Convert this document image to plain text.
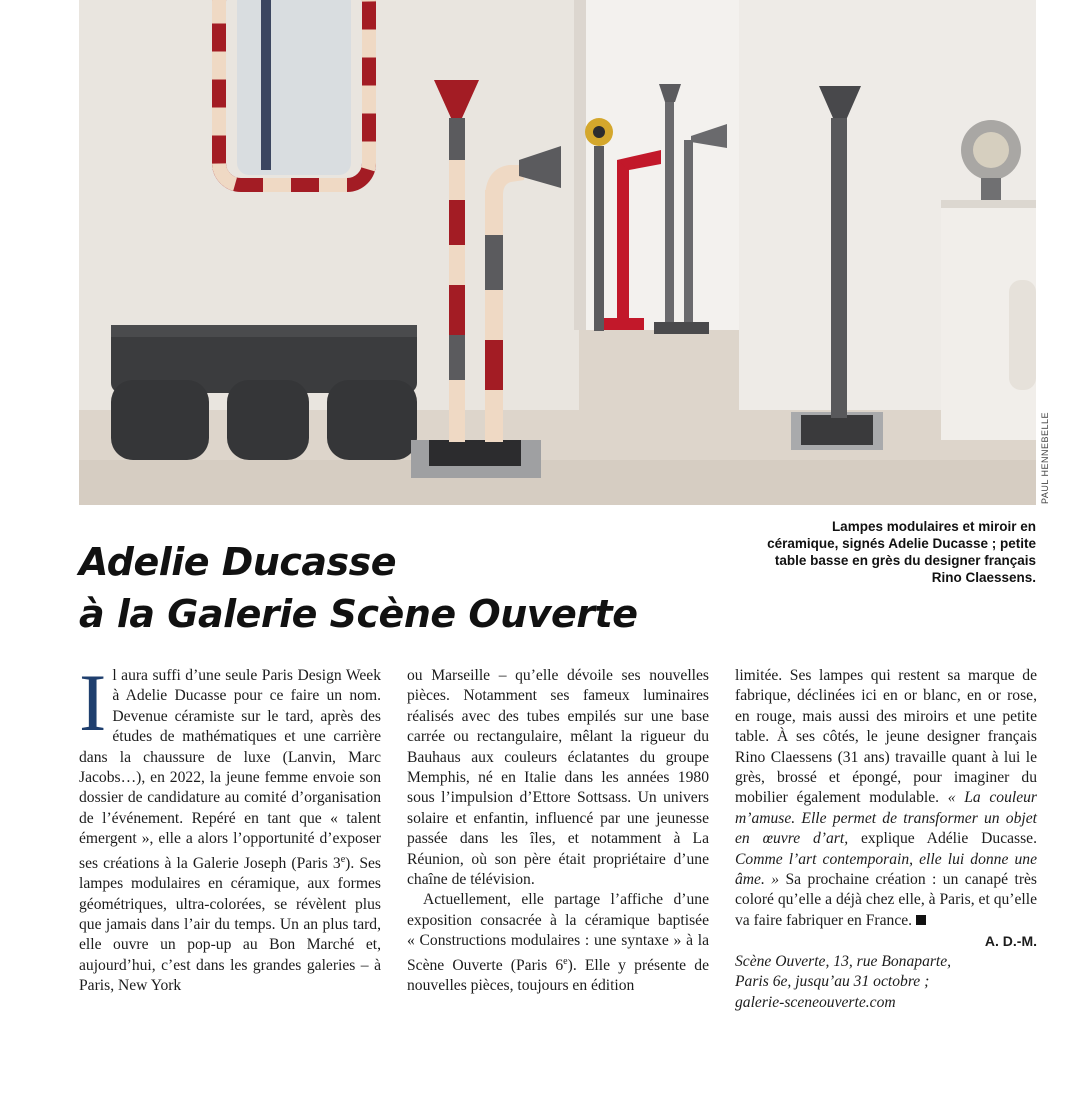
PAUL HENNEBELLE
Adelie Ducasse
à la Galerie Scène Ouverte

Lampes modulaires et miroir en céramique, signés Adelie Ducasse ; petite table basse en grès du designer français Rino Claessens.

I l aura suffi d’une seule Paris Design Week à Adelie Ducasse pour ce faire un nom. Devenue céramiste sur le tard, après des études de mathématiques et une carrière dans la chaussure de luxe (Lanvin, Marc Jacobs…), en 2022, la jeune femme envoie son dossier de candidature au comité d’organisation de l’événement. Repéré en tant que « talent émergent », elle a alors l’opportunité d’exposer ses créations à la Galerie Joseph (Paris 3e). Ses lampes modulaires en céramique, aux formes géométriques, ultra-colorées, se révèlent plus que jamais dans l’air du temps. Un an plus tard, elle ouvre un pop-up au Bon Marché et, aujourd’hui, c’est dans les grandes galeries – à Paris, New York

ou Marseille – qu’elle dévoile ses nouvelles pièces. Notamment ses fameux luminaires réalisés avec des tubes empilés sur une base carrée ou rectangulaire, mêlant la rigueur du Bauhaus aux couleurs éclatantes du groupe Memphis, né en Italie dans les années 1980 sous l’impulsion d’Ettore Sottsass. Un univers solaire et enfantin, influencé par une jeunesse passée dans les îles, et notamment à La Réunion, où son père était propriétaire d’une chaîne de télévision.

Actuellement, elle partage l’affiche d’une exposition consacrée à la céramique baptisée « Constructions modulaires : une syntaxe » à la Scène Ouverte (Paris 6e). Elle y présente de nouvelles pièces, toujours en édition

limitée. Ses lampes qui restent sa marque de fabrique, déclinées ici en or blanc, en or rose, en rouge, mais aussi des miroirs et une petite table. À ses côtés, le jeune designer français Rino Claessens (31 ans) travaille quant à lui le grès, brossé et épongé, pour imaginer du mobilier également modulable. « La couleur m’amuse. Elle permet de transformer un objet en œuvre d’art, explique Adélie Ducasse. Comme l’art contemporain, elle lui donne une âme. » Sa prochaine création : un canapé très coloré qu’elle a déjà chez elle, à Paris, et qu’elle va faire fabriquer en France.

A. D.-M.

Scène Ouverte, 13, rue Bonaparte,
Paris 6e, jusqu’au 31 octobre ;
galerie-sceneouverte.com
